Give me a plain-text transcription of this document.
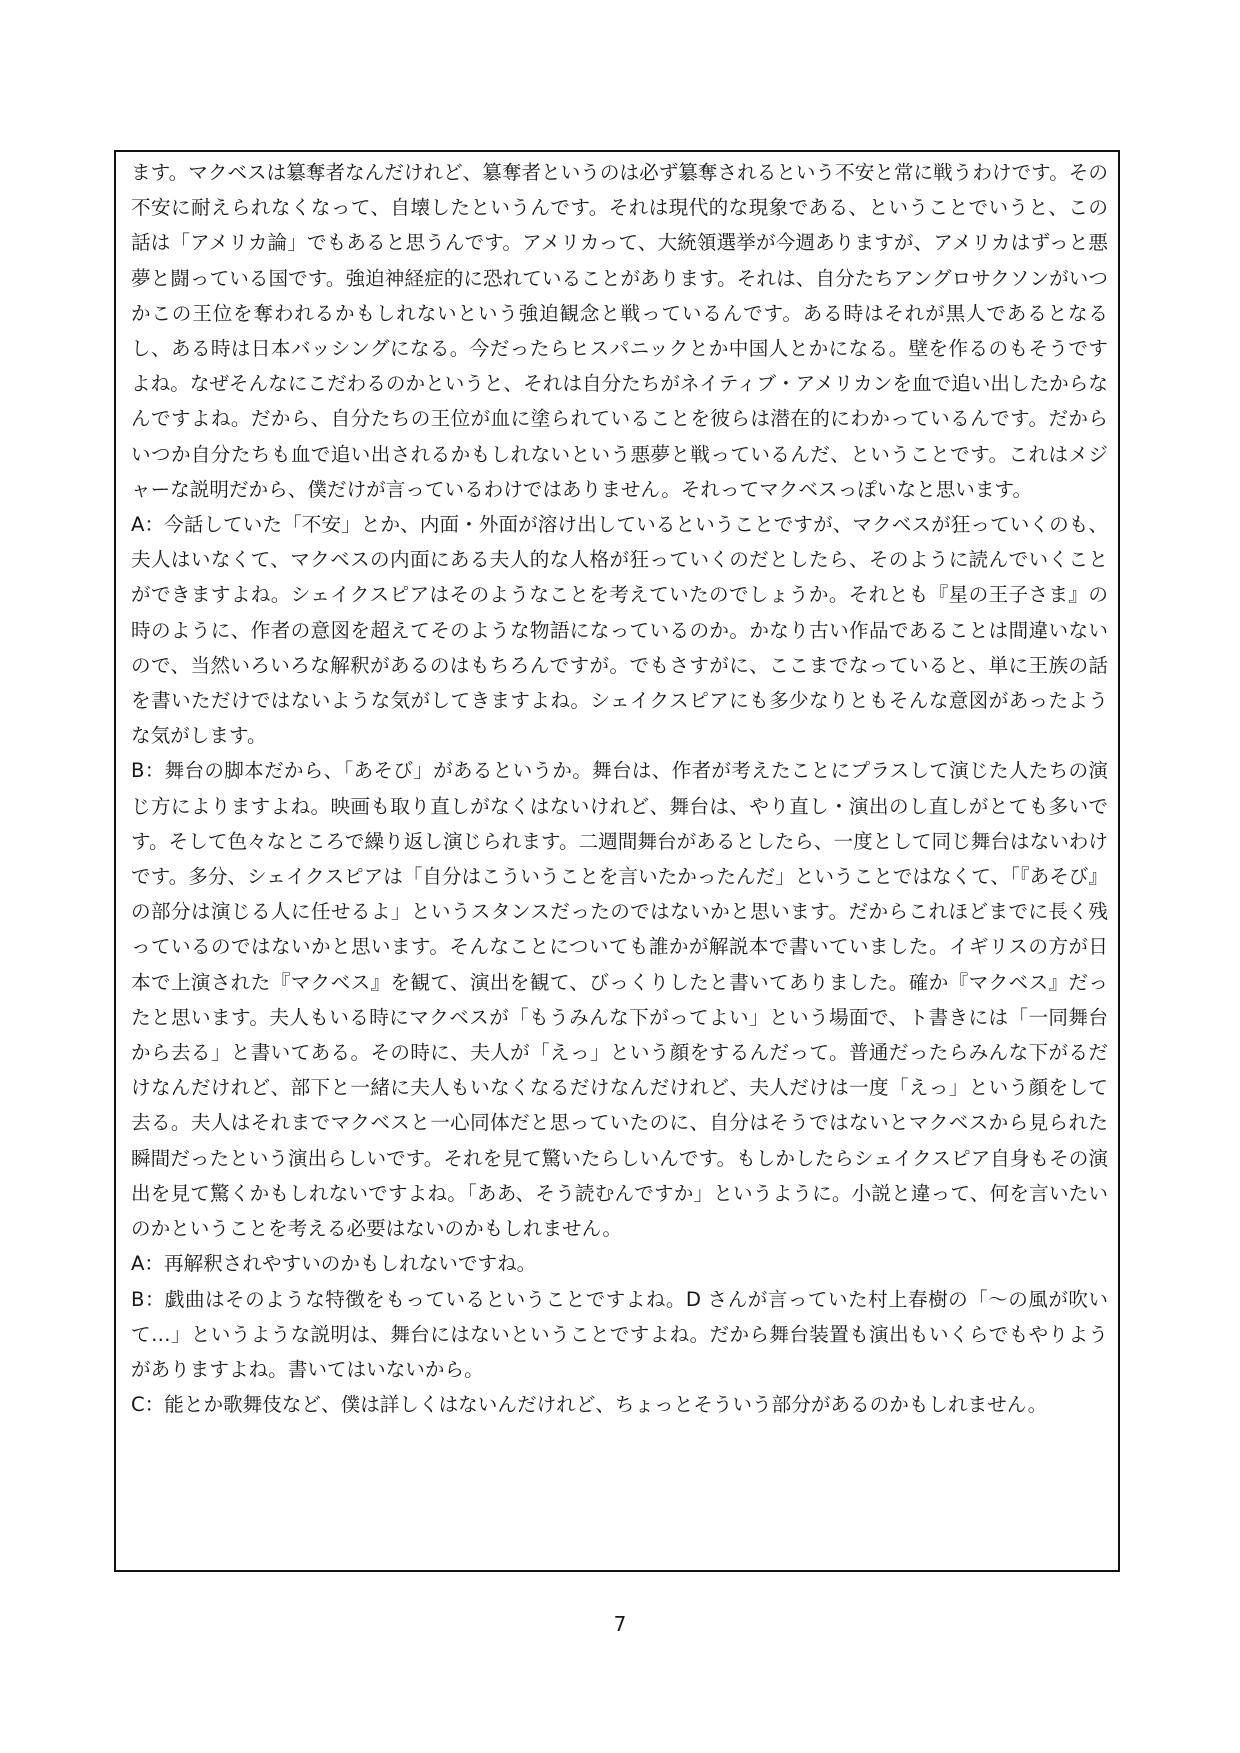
ます。マクベスは簒奪者なんだけれど、簒奪者というのは必ず簒奪されるという不安と常に戦うわけです。その不安に耐えられなくなって、自壊したというんです。それは現代的な現象である、ということでいうと、この話は「アメリカ論」でもあると思うんです。アメリカって、大統領選挙が今週ありますが、アメリカはずっと悪夢と闘っている国です。強迫神経症的に恐れていることがあります。それは、自分たちアングロサクソンがいつかこの王位を奪われるかもしれないという強迫観念と戦っているんです。ある時はそれが黒人であるとなるし、ある時は日本バッシングになる。今だったらヒスパニックとか中国人とかになる。壁を作るのもそうですよね。なぜそんなにこだわるのかというと、それは自分たちがネイティブ・アメリカンを血で追い出したからなんですよね。だから、自分たちの王位が血に塗られていることを彼らは潜在的にわかっているんです。だからいつか自分たちも血で追い出されるかもしれないという悪夢と戦っているんだ、ということです。これはメジャーな説明だから、僕だけが言っているわけではありません。それってマクベスっぽいなと思います。

A：今話していた「不安」とか、内面・外面が溶け出しているということですが、マクベスが狂っていくのも、夫人はいなくて、マクベスの内面にある夫人的な人格が狂っていくのだとしたら、そのように読んでいくことができますよね。シェイクスピアはそのようなことを考えていたのでしょうか。それとも『星の王子さま』の時のように、作者の意図を超えてそのような物語になっているのか。かなり古い作品であることは間違いないので、当然いろいろな解釈があるのはもちろんですが。でもさすがに、ここまでなっていると、単に王族の話を書いただけではないような気がしてきますよね。シェイクスピアにも多少なりともそんな意図があったような気がします。

B：舞台の脚本だから、「あそび」があるというか。舞台は、作者が考えたことにプラスして演じた人たちの演じ方によりますよね。映画も取り直しがなくはないけれど、舞台は、やり直し・演出のし直しがとても多いです。そして色々なところで繰り返し演じられます。二週間舞台があるとしたら、一度として同じ舞台はないわけです。多分、シェイクスピアは「自分はこういうことを言いたかったんだ」ということではなくて、「『あそび』の部分は演じる人に任せるよ」というスタンスだったのではないかと思います。だからこれほどまでに長く残っているのではないかと思います。そんなことについても誰かが解説本で書いていました。イギリスの方が日本で上演された『マクベス』を観て、演出を観て、びっくりしたと書いてありました。確か『マクベス』だったと思います。夫人もいる時にマクベスが「もうみんな下がってよい」という場面で、ト書きには「一同舞台から去る」と書いてある。その時に、夫人が「えっ」という顔をするんだって。普通だったらみんな下がるだけなんだけれど、部下と一緒に夫人もいなくなるだけなんだけれど、夫人だけは一度「えっ」という顔をして去る。夫人はそれまでマクベスと一心同体だと思っていたのに、自分はそうではないとマクベスから見られた瞬間だったという演出らしいです。それを見て驚いたらしいんです。もしかしたらシェイクスピア自身もその演出を見て驚くかもしれないですよね。「ああ、そう読むんですか」というように。小説と違って、何を言いたいのかということを考える必要はないのかもしれません。

A：再解釈されやすいのかもしれないですね。

B：戯曲はそのような特徴をもっているということですよね。D さんが言っていた村上春樹の「〜の風が吹いて…」というような説明は、舞台にはないということですよね。だから舞台装置も演出もいくらでもやりようがありますよね。書いてはいないから。

C：能とか歌舞伎など、僕は詳しくはないんだけれど、ちょっとそういう部分があるのかもしれません。

7
